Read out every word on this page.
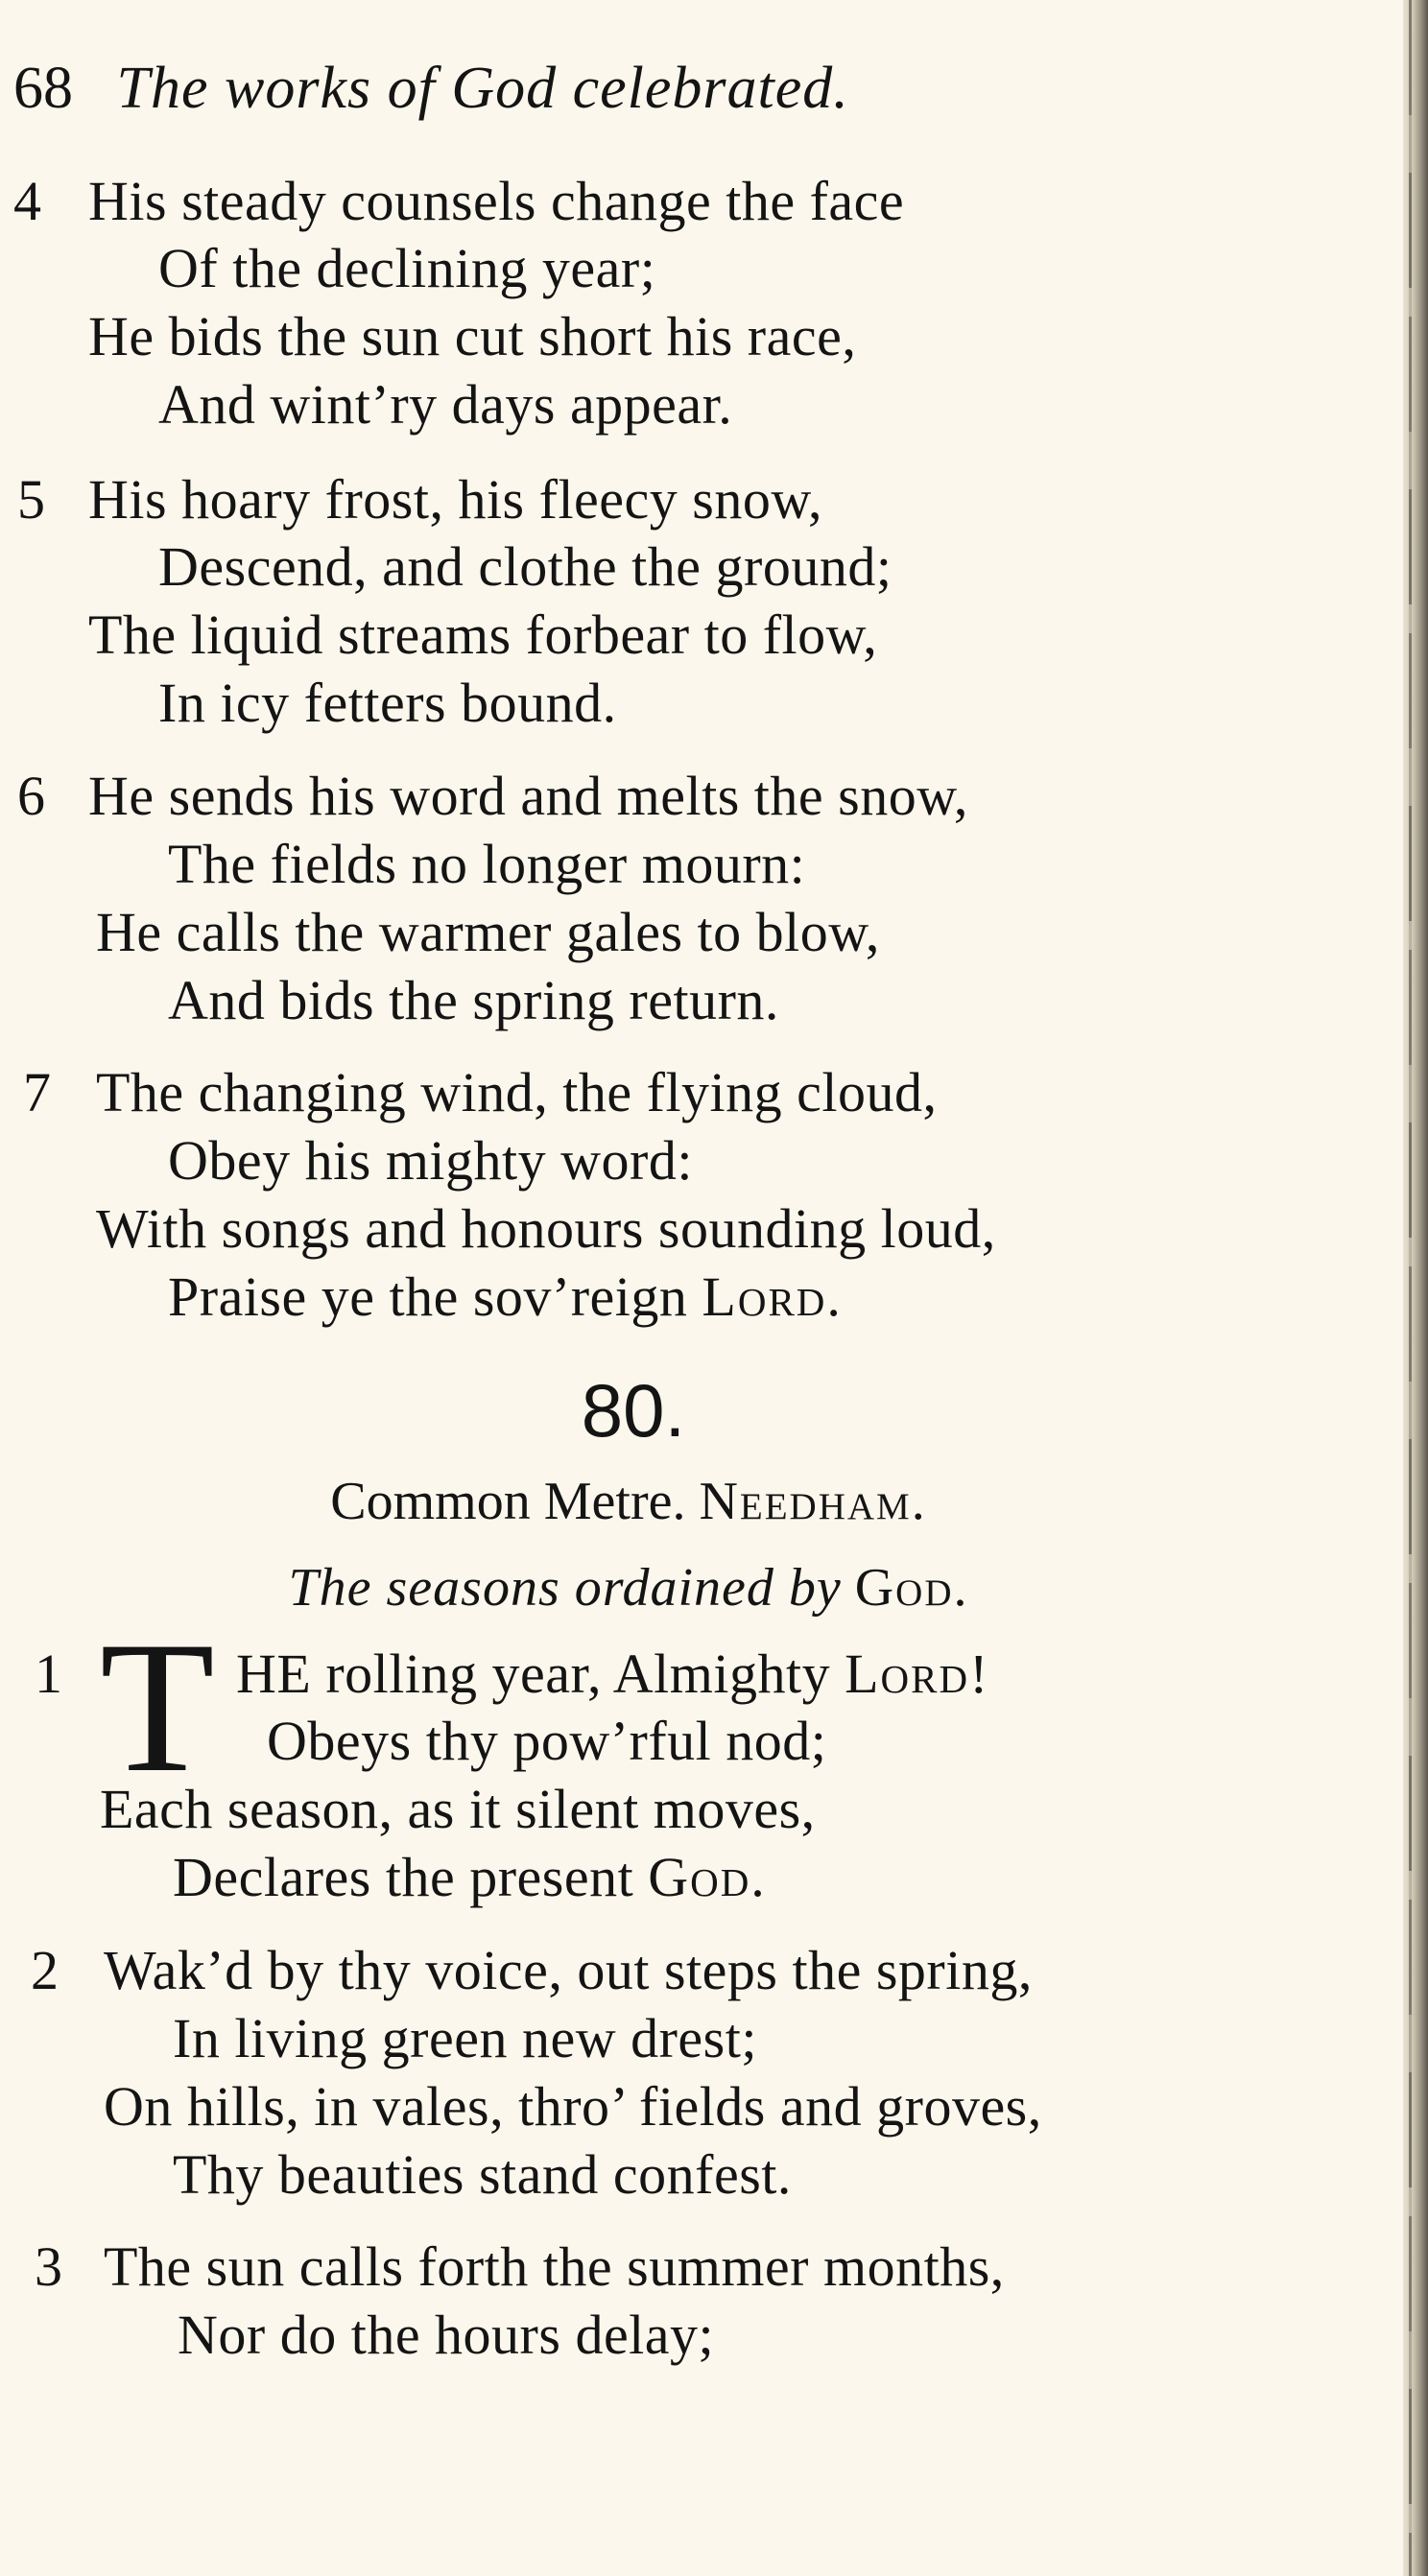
68 The works of God celebrated.
4 His steady counsels change the face
Of the declining year;
He bids the sun cut short his race,
And wint’ry days appear.
5 His hoary frost, his fleecy snow,
Descend, and clothe the ground;
The liquid streams forbear to flow,
In icy fetters bound.
6 He sends his word and melts the snow,
The fields no longer mourn:
He calls the warmer gales to blow,
And bids the spring return.
7 The changing wind, the flying cloud,
Obey his mighty word:
With songs and honours sounding loud,
Praise ye the sov’reign Lord.
80.
Common Metre. Needham.
The seasons ordained by God.
1 T HE rolling year, Almighty Lord!
Obeys thy pow’rful nod;
Each season, as it silent moves,
Declares the present God.
2 Wak’d by thy voice, out steps the spring,
In living green new drest;
On hills, in vales, thro’ fields and groves,
Thy beauties stand confest.
3 The sun calls forth the summer months,
Nor do the hours delay;
